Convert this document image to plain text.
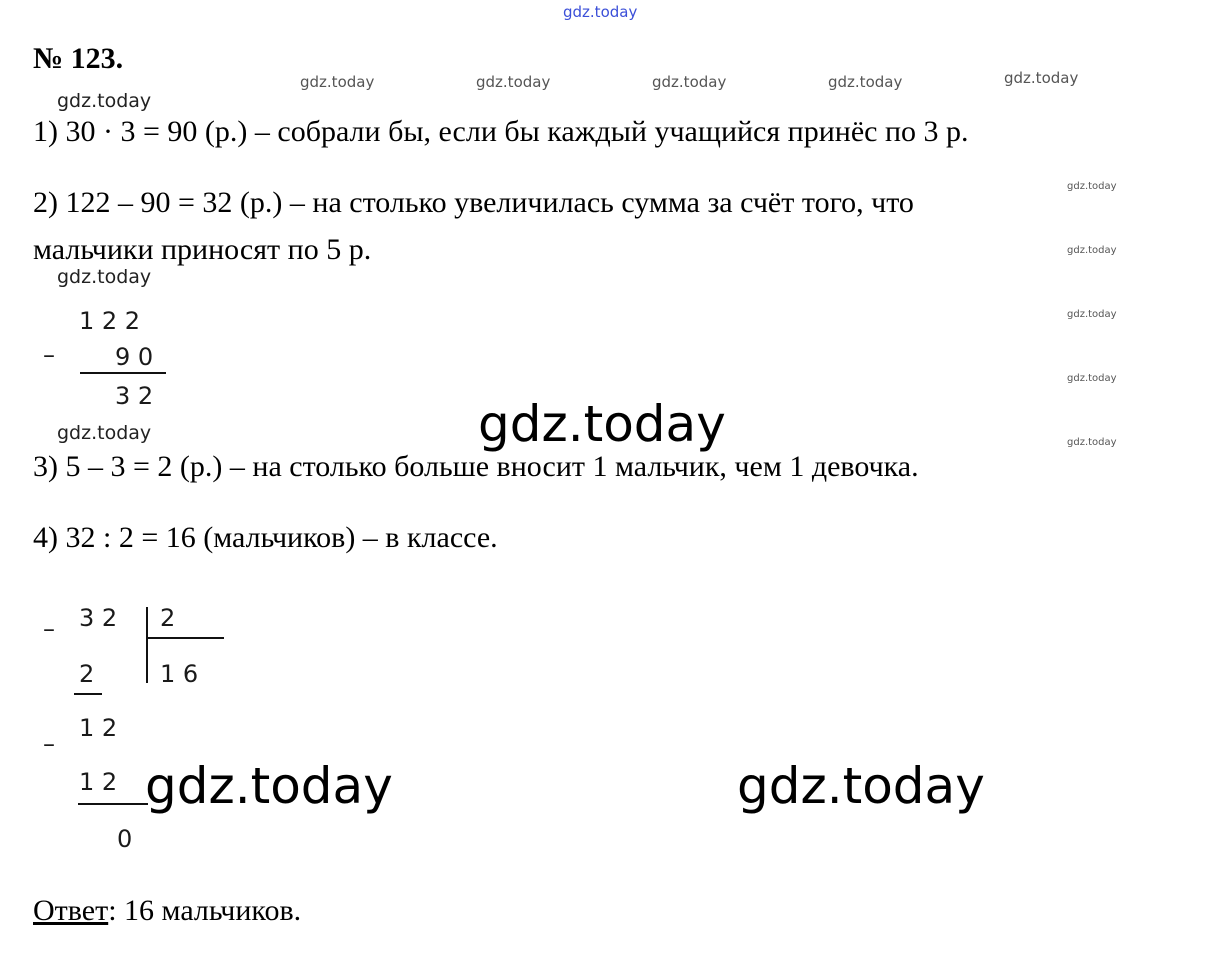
gdz.today
№ 123.
gdz.today	gdz.today	gdz.today	gdz.today	gdz.today
gdz.today
gdz.today
gdz.today
gdz.today
gdz.today
gdz.today
gdz.today
gdz.today
1) 30 · 3 = 90 (р.) – собрали бы, если бы каждый учащийся принёс по 3 р.
2) 122 – 90 = 32 (р.) – на столько увеличилась сумма за счёт того, что
мальчики приносят по 5 р.
1 2 2
–	9 0
3 2	gdz.today
3) 5 – 3 = 2 (р.) – на столько больше вносит 1 мальчик, чем 1 девочка.
4) 32 : 2 = 16 (мальчиков) – в классе.
– 3 2 2
1 6
2
–
1 2
1 2
0
gdz.today	gdz.today
Ответ: 16 мальчиков.
